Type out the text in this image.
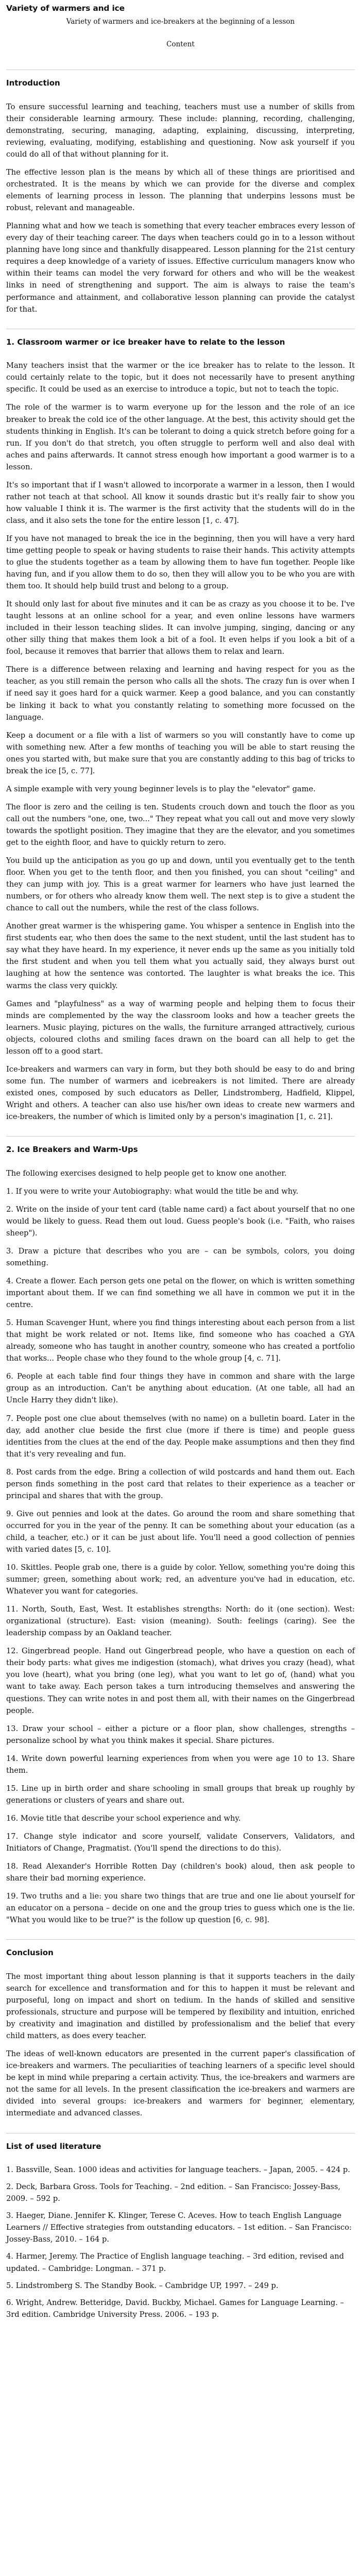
Variety of warmers and ice
Variety of warmers and ice-breakers at the beginning of a lesson
Content
Introduction

To ensure successful learning and teaching, teachers must use a number of skills from their considerable learning armoury. These include: planning, recording, challenging, demonstrating, securing, managing, adapting, explaining, discussing, interpreting, reviewing, evaluating, modifying, establishing and questioning. Now ask yourself if you could do all of that without planning for it.

The effective lesson plan is the means by which all of these things are prioritised and orchestrated. It is the means by which we can provide for the diverse and complex elements of learning process in lesson. The planning that underpins lessons must be robust, relevant and manageable.

Planning what and how we teach is something that every teacher embraces every lesson of every day of their teaching career. The days when teachers could go in to a lesson without planning have long since and thankfully disappeared. Lesson planning for the 21st century requires a deep knowledge of a variety of issues. Effective curriculum managers know who within their teams can model the very forward for others and who will be the weakest links in need of strengthening and support. The aim is always to raise the team's performance and attainment, and collaborative lesson planning can provide the catalyst for that.

1. Classroom warmer or ice breaker have to relate to the lesson

Many teachers insist that the warmer or the ice breaker has to relate to the lesson. It could certainly relate to the topic, but it does not necessarily have to present anything specific. It could be used as an exercise to introduce a topic, but not to teach the topic.

The role of the warmer is to warm everyone up for the lesson and the role of an ice breaker to break the cold ice of the other language. At the best, this activity should get the students thinking in English. It's can be tolerant to doing a quick stretch before going for a run. If you don't do that stretch, you often struggle to perform well and also deal with aches and pains afterwards. It cannot stress enough how important a good warmer is to a lesson.

It's so important that if I wasn't allowed to incorporate a warmer in a lesson, then I would rather not teach at that school. All know it sounds drastic but it's really fair to show you how valuable I think it is. The warmer is the first activity that the students will do in the class, and it also sets the tone for the entire lesson [1, с. 47].

If you have not managed to break the ice in the beginning, then you will have a very hard time getting people to speak or having students to raise their hands. This activity attempts to glue the students together as a team by allowing them to have fun together. People like having fun, and if you allow them to do so, then they will allow you to be who you are with them too. It should help build trust and belong to a group.

It should only last for about five minutes and it can be as crazy as you choose it to be. I've taught lessons at an online school for a year, and even online lessons have warmers included in their lesson teaching slides. It can involve jumping, singing, dancing or any other silly thing that makes them look a bit of a fool. It even helps if you look a bit of a fool, because it removes that barrier that allows them to relax and learn.

There is a difference between relaxing and learning and having respect for you as the teacher, as you still remain the person who calls all the shots. The crazy fun is over when I if need say it goes hard for a quick warmer. Keep a good balance, and you can constantly be linking it back to what you constantly relating to something more focussed on the language.

Keep a document or a file with a list of warmers so you will constantly have to come up with something new. After a few months of teaching you will be able to start reusing the ones you started with, but make sure that you are constantly adding to this bag of tricks to break the ice [5, с. 77].

A simple example with very young beginner levels is to play the "elevator" game.

The floor is zero and the ceiling is ten. Students crouch down and touch the floor as you call out the numbers "one, one, two..." They repeat what you call out and move very slowly towards the spotlight position. They imagine that they are the elevator, and you sometimes get to the eighth floor, and have to quickly return to zero.

You build up the anticipation as you go up and down, until you eventually get to the tenth floor. When you get to the tenth floor, and then you finished, you can shout "ceiling" and they can jump with joy. This is a great warmer for learners who have just learned the numbers, or for others who already know them well. The next step is to give a student the chance to call out the numbers, while the rest of the class follows.

Another great warmer is the whispering game. You whisper a sentence in English into the first students ear, who then does the same to the next student, until the last student has to say what they have heard. In my experience, it never ends up the same as you initially told the first student and when you tell them what you actually said, they always burst out laughing at how the sentence was contorted. The laughter is what breaks the ice. This warms the class very quickly.

Games and "playfulness" as a way of warming people and helping them to focus their minds are complemented by the way the classroom looks and how a teacher greets the learners. Music playing, pictures on the walls, the furniture arranged attractively, curious objects, coloured cloths and smiling faces drawn on the board can all help to get the lesson off to a good start.

Ice-breakers and warmers can vary in form, but they both should be easy to do and bring some fun. The number of warmers and icebreakers is not limited. There are already existed ones, composed by such educators as Deller, Lindstromberg, Hadfield, Klippel, Wright and others. A teacher can also use his/her own ideas to create new warmers and ice-breakers, the number of which is limited only by a person's imagination [1, с. 21].

2. Ice Breakers and Warm-Ups

The following exercises designed to help people get to know one another.

1. If you were to write your Autobiography: what would the title be and why.

2. Write on the inside of your tent card (table name card) a fact about yourself that no one would be likely to guess. Read them out loud. Guess people's book (i.e. "Faith, who raises sheep").

3. Draw a picture that describes who you are – can be symbols, colors, you doing something.

4. Create a flower. Each person gets one petal on the flower, on which is written something important about them. If we can find something we all have in common we put it in the centre.

5. Human Scavenger Hunt, where you find things interesting about each person from a list that might be work related or not. Items like, find someone who has coached a GYA already, someone who has taught in another country, someone who has created a portfolio that works... People chase who they found to the whole group [4, с. 71].

6. People at each table find four things they have in common and share with the large group as an introduction. Can't be anything about education. (At one table, all had an Uncle Harry they didn't like).

7. People post one clue about themselves (with no name) on a bulletin board. Later in the day, add another clue beside the first clue (more if there is time) and people guess identities from the clues at the end of the day. People make assumptions and then they find that it's very revealing and fun.

8. Post cards from the edge. Bring a collection of wild postcards and hand them out. Each person finds something in the post card that relates to their experience as a teacher or principal and shares that with the group.

9. Give out pennies and look at the dates. Go around the room and share something that occurred for you in the year of the penny. It can be something about your education (as a child, a teacher, etc.) or it can be just about life. You'll need a good collection of pennies with varied dates [5, с. 10].

10. Skittles. People grab one, there is a guide by color. Yellow, something you're doing this summer; green, something about work; red, an adventure you've had in education, etc. Whatever you want for categories.

11. North, South, East, West. It establishes strengths: North: do it (one section). West: organizational (structure). East: vision (meaning). South: feelings (caring). See the leadership compass by an Oakland teacher.

12. Gingerbread people. Hand out Gingerbread people, who have a question on each of their body parts: what gives me indigestion (stomach), what drives you crazy (head), what you love (heart), what you bring (one leg), what you want to let go of, (hand) what you want to take away. Each person takes a turn introducing themselves and answering the questions. They can write notes in and post them all, with their names on the Gingerbread people.

13. Draw your school – either a picture or a floor plan, show challenges, strengths – personalize school by what you think makes it special. Share pictures.

14. Write down powerful learning experiences from when you were age 10 to 13. Share them.

15. Line up in birth order and share schooling in small groups that break up roughly by generations or clusters of years and share out.

16. Movie title that describe your school experience and why.

17. Change style indicator and score yourself, validate Conservers, Validators, and Initiators of Change, Pragmatist. (You'll spend the directions to do this).

18. Read Alexander's Horrible Rotten Day (children's book) aloud, then ask people to share their bad morning experience.

19. Two truths and a lie: you share two things that are true and one lie about yourself for an educator on a persona – decide on one and the group tries to guess which one is the lie. "What you would like to be true?" is the follow up question [6, с. 98].

Conclusion

The most important thing about lesson planning is that it supports teachers in the daily search for excellence and transformation and for this to happen it must be relevant and purposeful, long on impact and short on tedium. In the hands of skilled and sensitive professionals, structure and purpose will be tempered by flexibility and intuition, enriched by creativity and imagination and distilled by professionalism and the belief that every child matters, as does every teacher.

The ideas of well-known educators are presented in the current paper's classification of ice-breakers and warmers. The peculiarities of teaching learners of a specific level should be kept in mind while preparing a certain activity. Thus, the ice-breakers and warmers are not the same for all levels. In the present classification the ice-breakers and warmers are divided into several groups: ice-breakers and warmers for beginner, elementary, intermediate and advanced classes.

List of used literature
1. Bassville, Sean. 1000 ideas and activities for language teachers. – Japan, 2005. – 424 p.
2. Deck, Barbara Gross. Tools for Teaching. – 2nd edition. – San Francisco: Jossey-Bass, 2009. – 592 p.
3. Haeger, Diane. Jennifer K. Klinger, Terese C. Aceves. How to teach English Language Learners // Effective strategies from outstanding educators. – 1st edition. – San Francisco: Jossey-Bass, 2010. – 164 p.
4. Harmer, Jeremy. The Practice of English language teaching. – 3rd edition, revised and updated. – Cambridge: Longman. – 371 p.
5. Lindstromberg S. The Standby Book. – Cambridge UP, 1997. – 249 p.
6. Wright, Andrew. Betteridge, David. Buckby, Michael. Games for Language Learning. – 3rd edition. Cambridge University Press. 2006. – 193 p.
